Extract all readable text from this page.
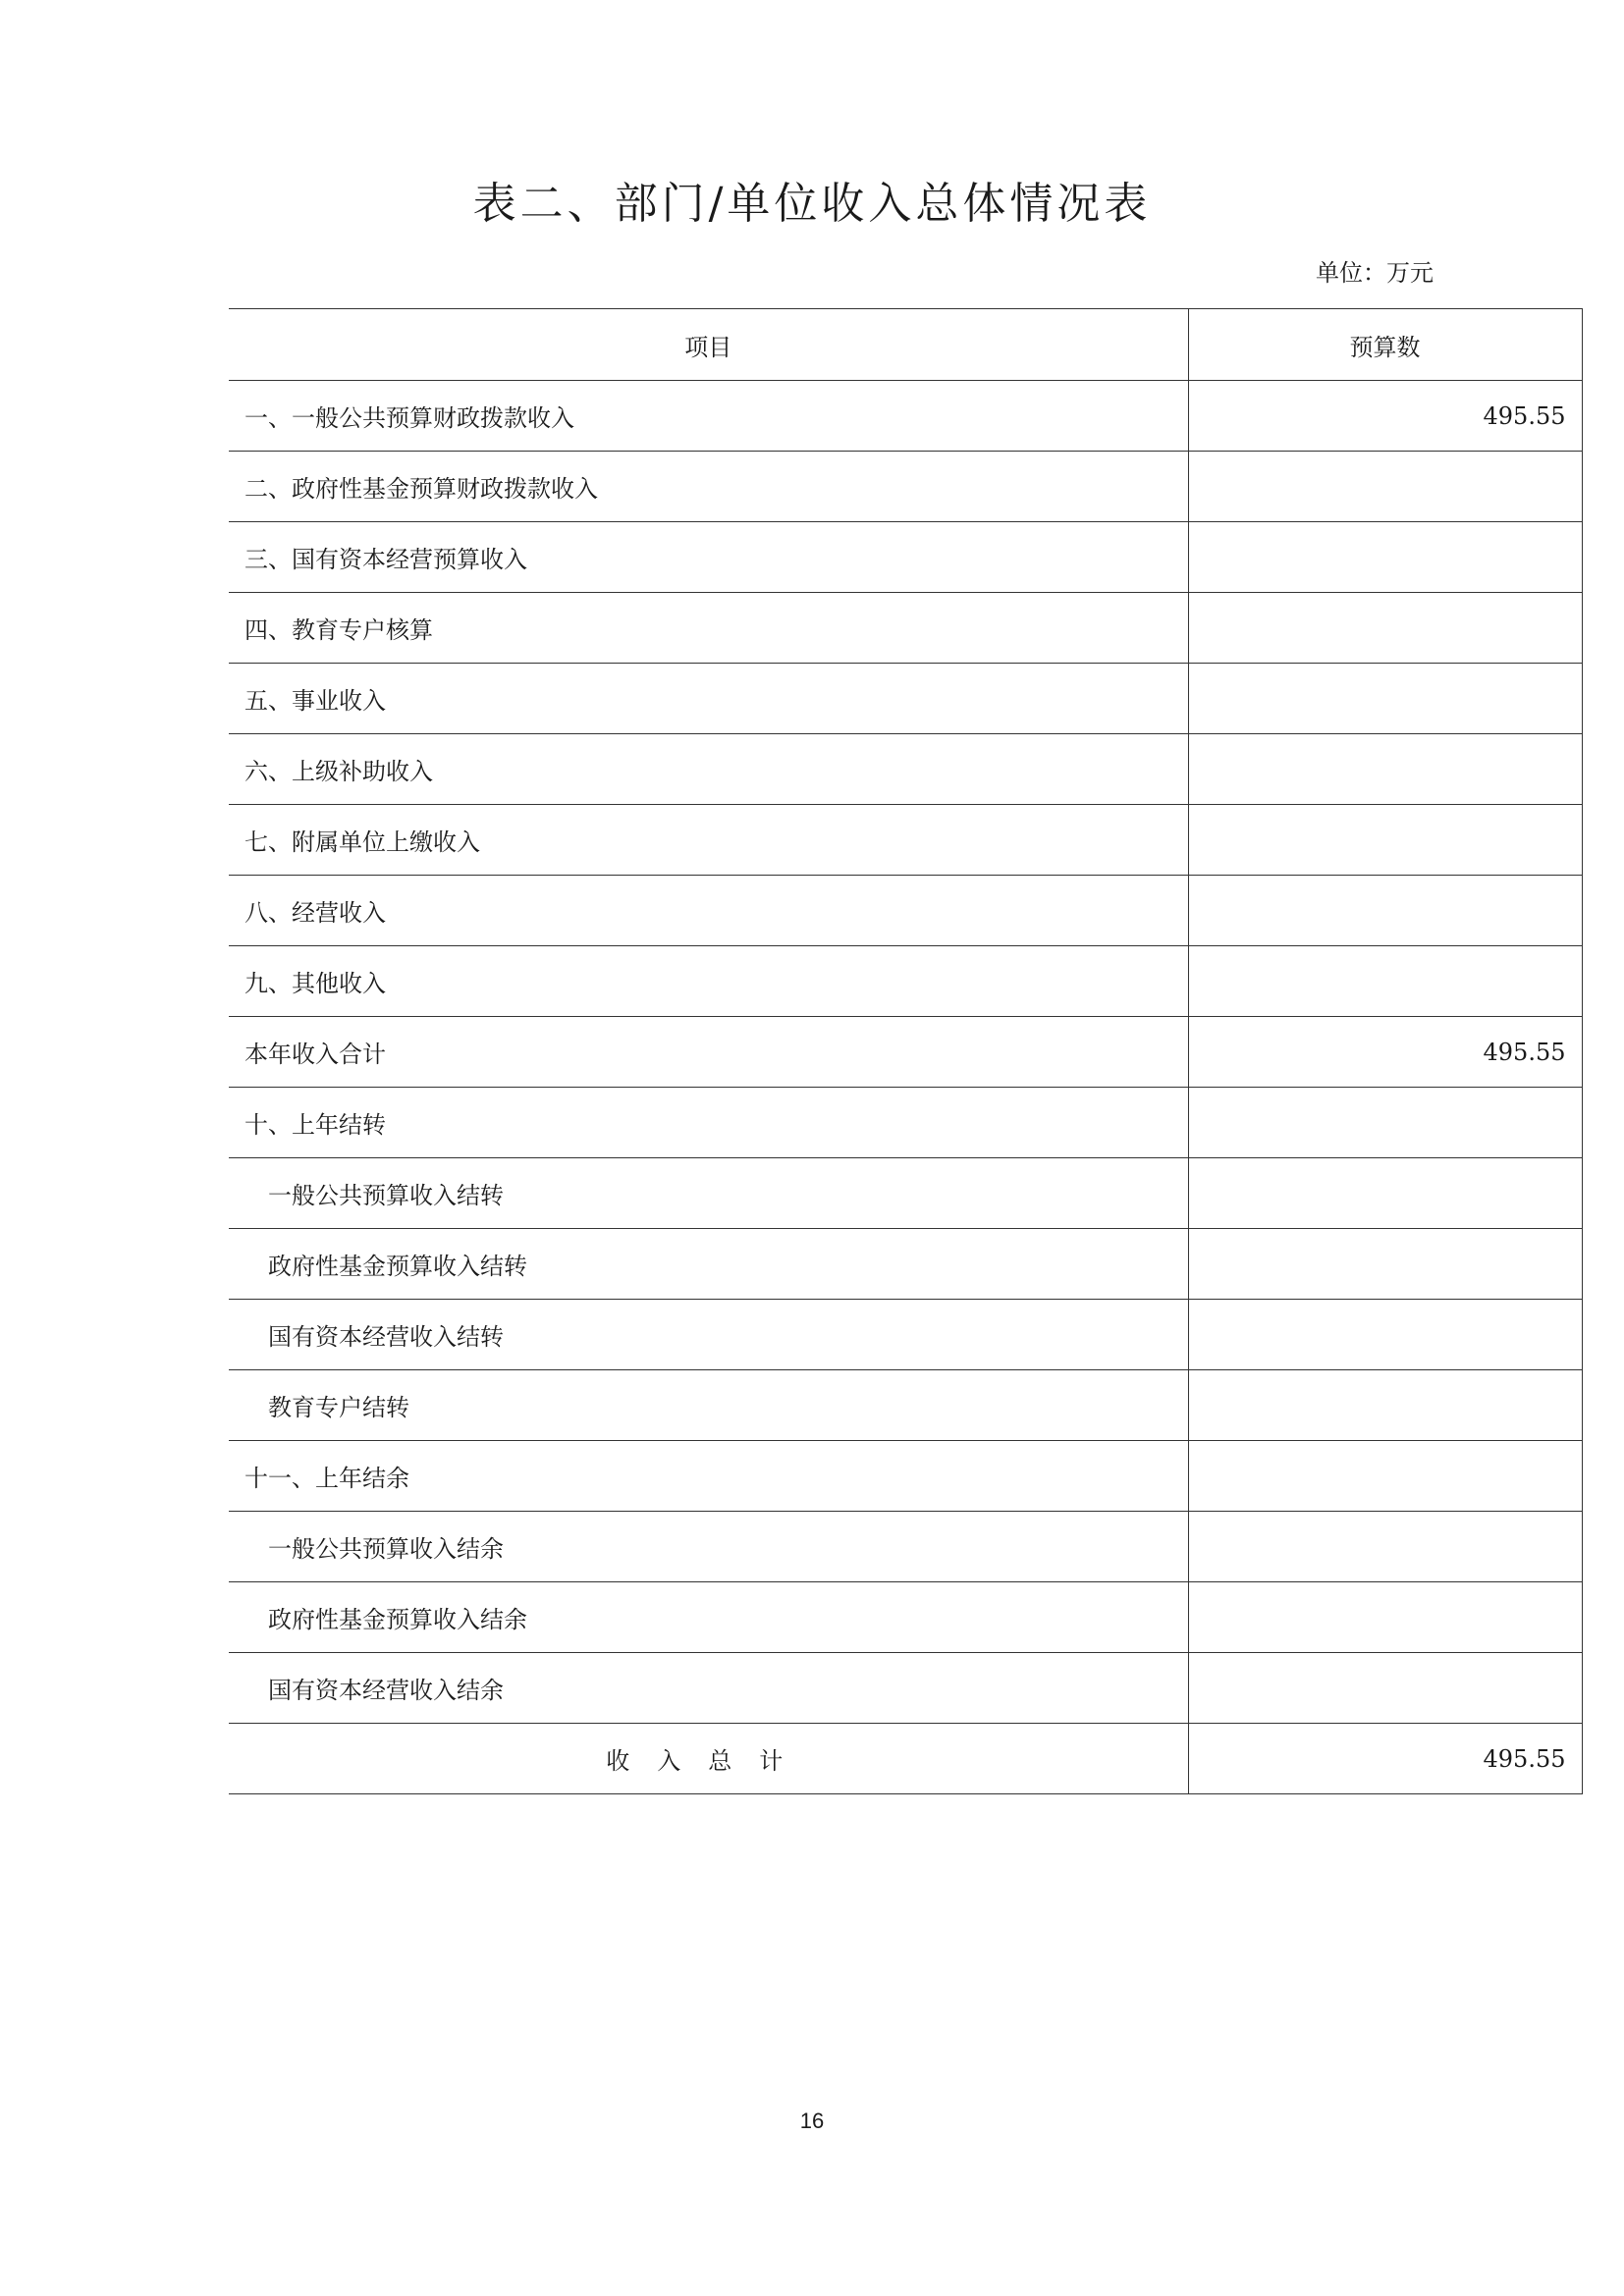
表二、部门/单位收入总体情况表
单位：万元
项目	预算数
一、一般公共预算财政拨款收入	495.55
二、政府性基金预算财政拨款收入	
三、国有资本经营预算收入	
四、教育专户核算	
五、事业收入	
六、上级补助收入	
七、附属单位上缴收入	
八、经营收入	
九、其他收入	
本年收入合计	495.55
十、上年结转	
一般公共预算收入结转	
政府性基金预算收入结转	
国有资本经营收入结转	
教育专户结转	
十一、上年结余	
一般公共预算收入结余	
政府性基金预算收入结余	
国有资本经营收入结余	
收入总计	495.55
16
